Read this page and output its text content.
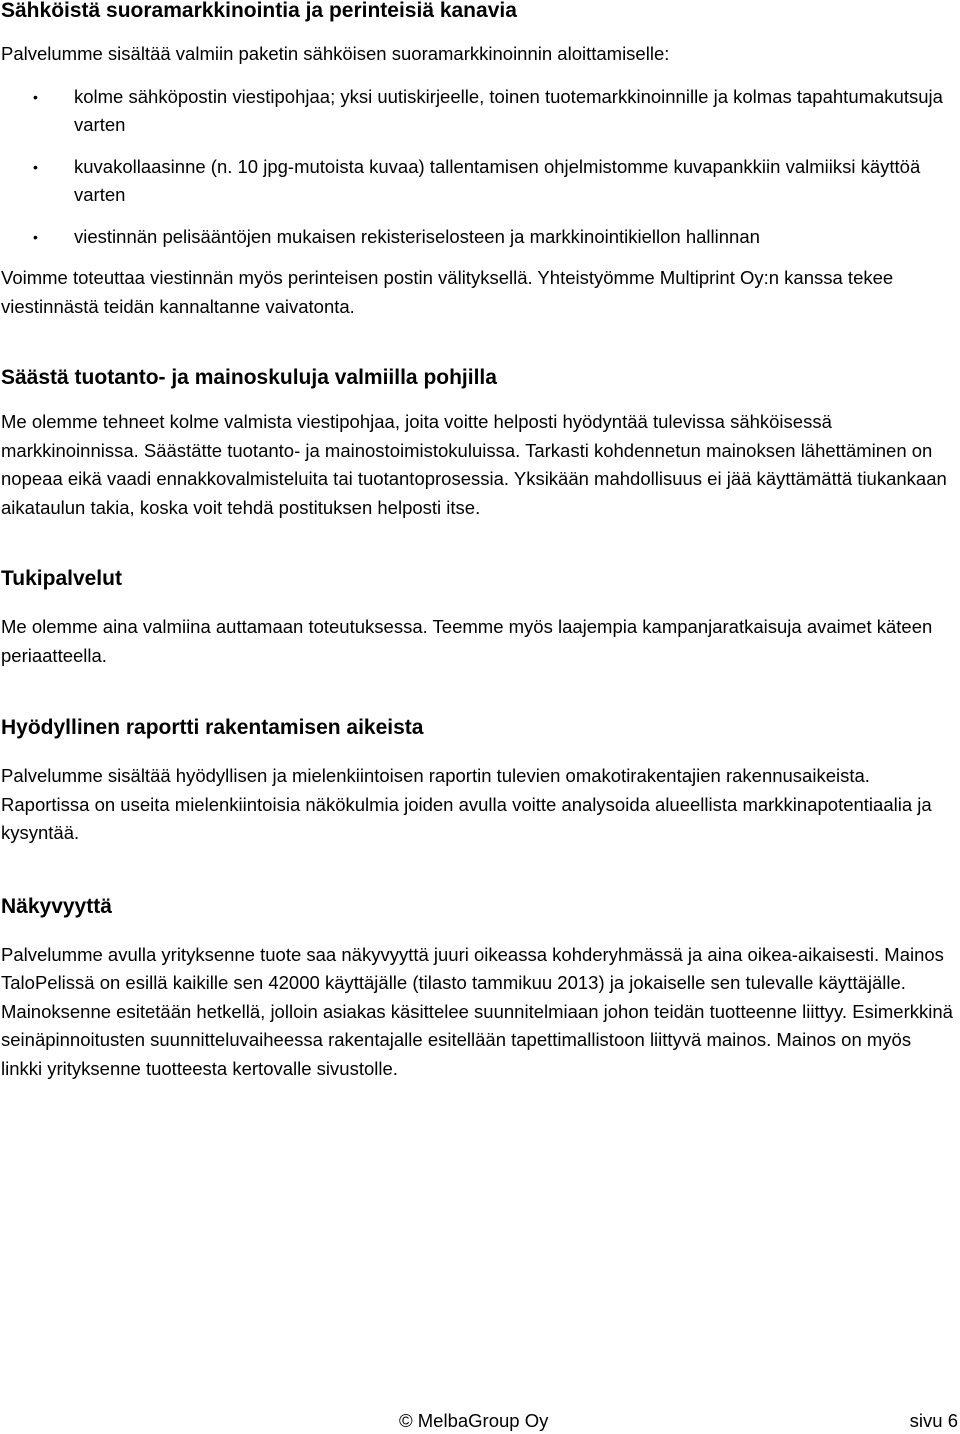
Sähköistä suoramarkkinointia ja perinteisiä kanavia

Palvelumme sisältää valmiin paketin sähköisen suoramarkkinoinnin aloittamiselle:

• kolme sähköpostin viestipohjaa; yksi uutiskirjeelle, toinen tuotemarkkinoinnille ja kolmas tapahtumakutsuja varten
• kuvakollaasinne (n. 10 jpg-mutoista kuvaa) tallentamisen ohjelmistomme kuvapankkiin valmiiksi käyttöä varten
• viestinnän pelisääntöjen mukaisen rekisteriselosteen ja markkinointikiellon hallinnan

Voimme toteuttaa viestinnän myös perinteisen postin välityksellä. Yhteistyömme Multiprint Oy:n kanssa tekee viestinnästä teidän kannaltanne vaivatonta.

Säästä tuotanto- ja mainoskuluja valmiilla pohjilla

Me olemme tehneet kolme valmista viestipohjaa, joita voitte helposti hyödyntää tulevissa sähköisessä markkinoinnissa. Säästätte tuotanto- ja mainostoimistokuluissa. Tarkasti kohdennetun mainoksen lähettäminen on nopeaa eikä vaadi ennakkovalmisteluita tai tuotantoprosessia. Yksikään mahdollisuus ei jää käyttämättä tiukankaan aikataulun takia, koska voit tehdä postituksen helposti itse.

Tukipalvelut

Me olemme aina valmiina auttamaan toteutuksessa. Teemme myös laajempia kampanjaratkaisuja avaimet käteen periaatteella.

Hyödyllinen raportti rakentamisen aikeista

Palvelumme sisältää hyödyllisen ja mielenkiintoisen raportin tulevien omakotirakentajien rakennusaikeista. Raportissa on useita mielenkiintoisia näkökulmia joiden avulla voitte analysoida alueellista markkinapotentiaalia ja kysyntää.

Näkyvyyttä

Palvelumme avulla yrityksenne tuote saa näkyvyyttä juuri oikeassa kohderyhmässä ja aina oikea-aikaisesti. Mainos TaloPelissä on esillä kaikille sen 42000 käyttäjälle (tilasto tammikuu 2013) ja jokaiselle sen tulevalle käyttäjälle. Mainoksenne esitetään hetkellä, jolloin asiakas käsittelee suunnitelmiaan johon teidän tuotteenne liittyy. Esimerkkinä seinäpinnoitusten suunnitteluvaiheessa rakentajalle esitellään tapettimallistoon liittyvä mainos. Mainos on myös linkki yrityksenne tuotteesta kertovalle sivustolle.

© MelbaGroup Oy	sivu 6
